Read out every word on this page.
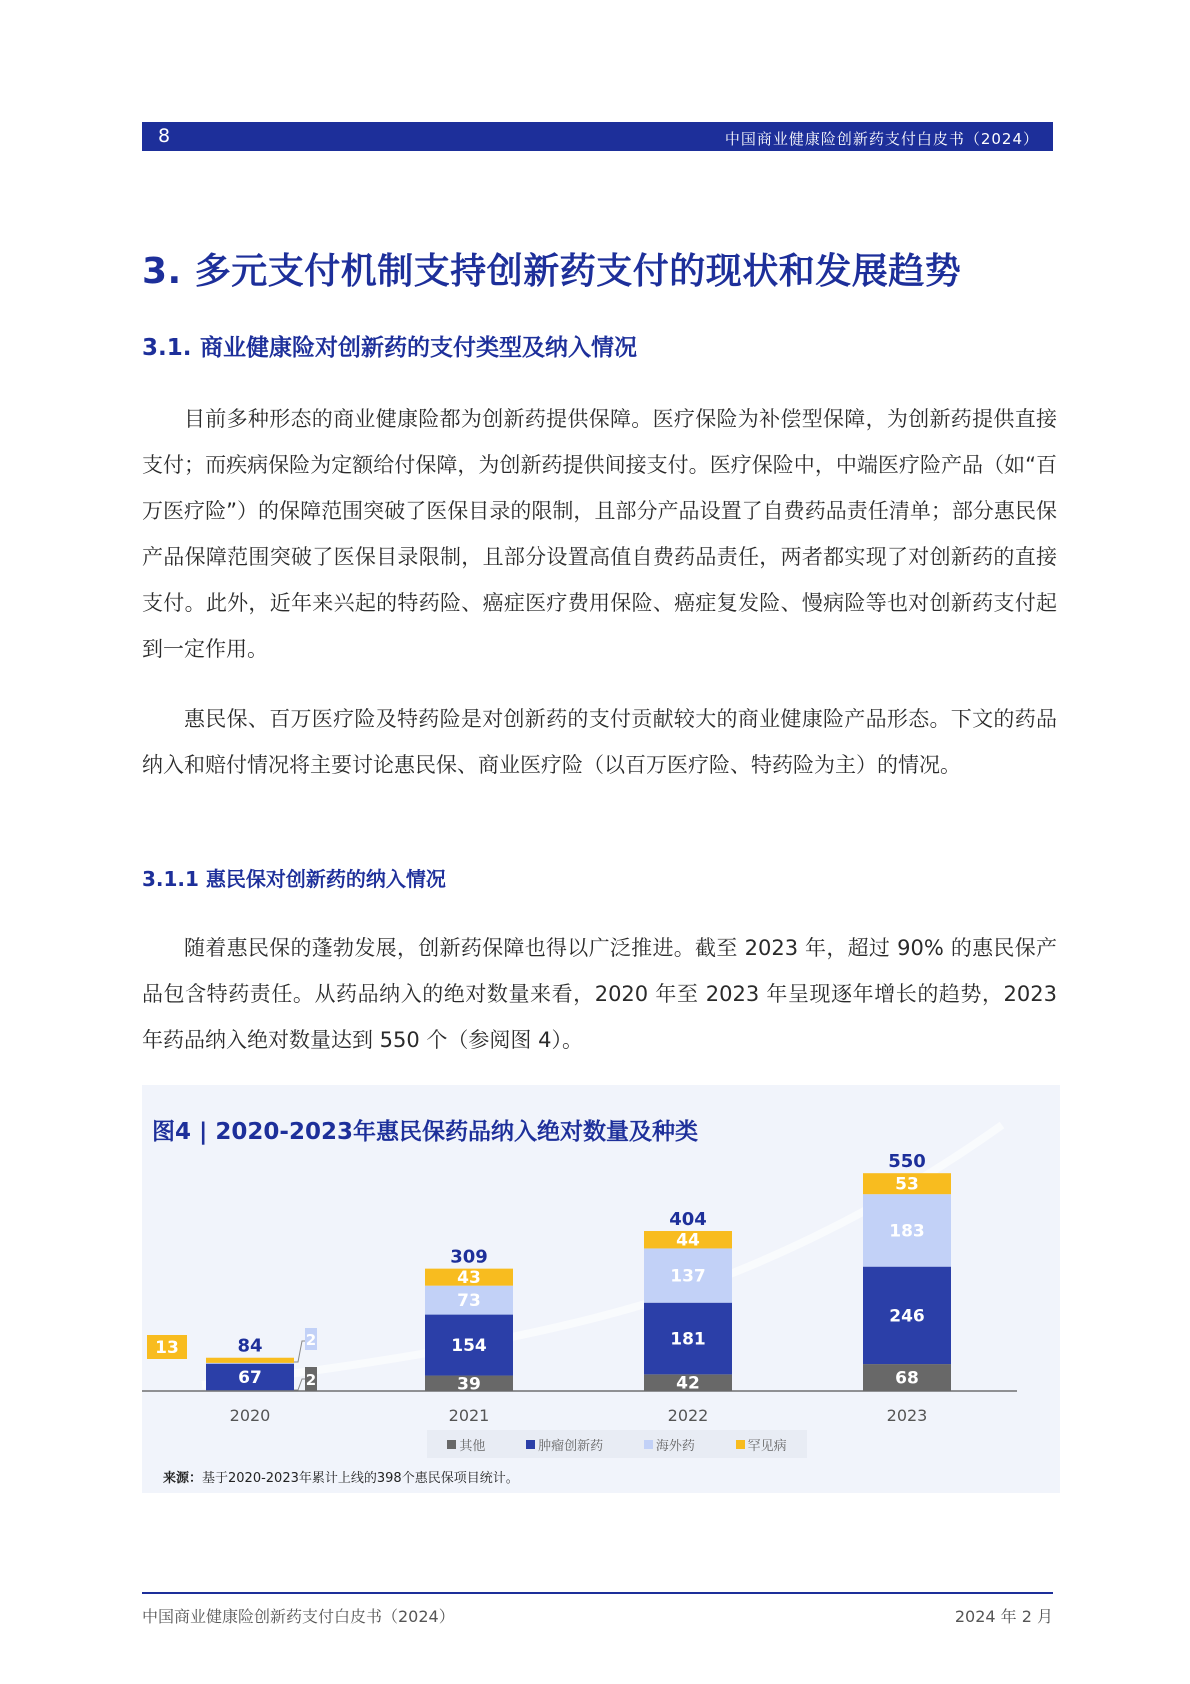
8	中国商业健康险创新药支付白皮书（2024）
3. 多元支付机制支持创新药支付的现状和发展趋势
3.1. 商业健康险对创新药的支付类型及纳入情况

目前多种形态的商业健康险都为创新药提供保障。医疗保险为补偿型保障，为创新药提供直接支付；而疾病保险为定额给付保障，为创新药提供间接支付。医疗保险中，中端医疗险产品（如“百万医疗险”）的保障范围突破了医保目录的限制，且部分产品设置了自费药品责任清单；部分惠民保产品保障范围突破了医保目录限制，且部分设置高值自费药品责任，两者都实现了对创新药的直接支付。此外，近年来兴起的特药险、癌症医疗费用保险、癌症复发险、慢病险等也对创新药支付起到一定作用。

惠民保、百万医疗险及特药险是对创新药的支付贡献较大的商业健康险产品形态。下文的药品纳入和赔付情况将主要讨论惠民保、商业医疗险（以百万医疗险、特药险为主）的情况。

3.1.1 惠民保对创新药的纳入情况

随着惠民保的蓬勃发展，创新药保障也得以广泛推进。截至 2023 年，超过 90% 的惠民保产品包含特药责任。从药品纳入的绝对数量来看，2020 年至 2023 年呈现逐年增长的趋势，2023 年药品纳入绝对数量达到 550 个（参阅图 4）。

67
84
2020
39
154
73
43
309
2021
42
181
137
44
404
2022
68
246
183
53
550
2023
13	2
2
图4 | 2020-2023年惠民保药品纳入绝对数量及种类
其他	肿瘤创新药	海外药	罕见病
来源：基于2020-2023年累计上线的398个惠民保项目统计。
中国商业健康险创新药支付白皮书（2024）	2024 年 2 月
